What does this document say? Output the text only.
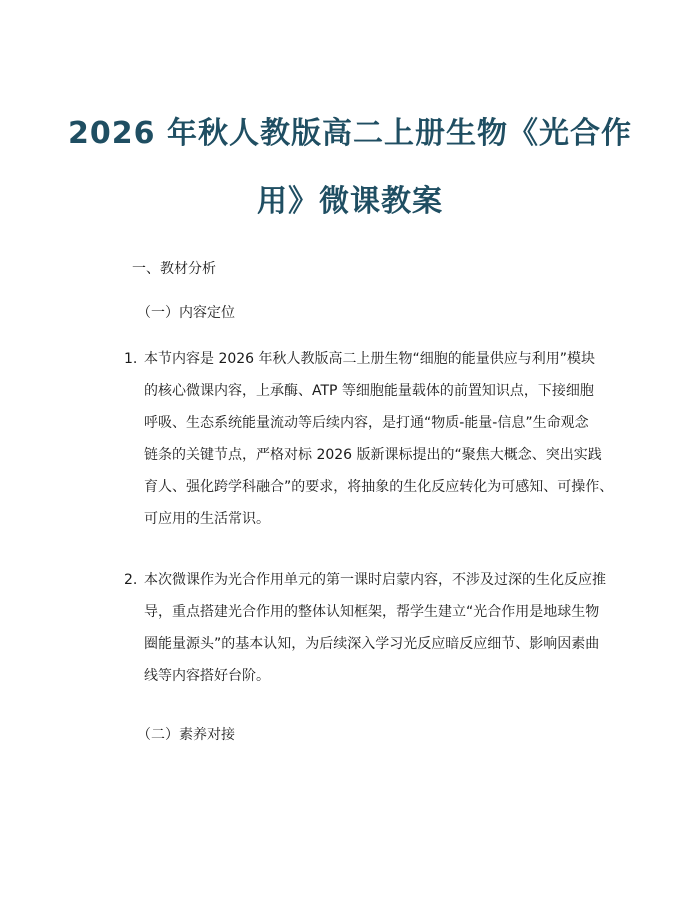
2026 年秋人教版高二上册生物《光合作
用》微课教案
一、教材分析
（一）内容定位
1. 本节内容是 2026 年秋人教版高二上册生物“细胞的能量供应与利用”模块
的核心微课内容，上承酶、ATP 等细胞能量载体的前置知识点，下接细胞
呼吸、生态系统能量流动等后续内容，是打通“物质-能量-信息”生命观念
链条的关键节点，严格对标 2026 版新课标提出的“聚焦大概念、突出实践
育人、强化跨学科融合”的要求，将抽象的生化反应转化为可感知、可操作、
可应用的生活常识。
2. 本次微课作为光合作用单元的第一课时启蒙内容，不涉及过深的生化反应推
导，重点搭建光合作用的整体认知框架，帮学生建立“光合作用是地球生物
圈能量源头”的基本认知，为后续深入学习光反应暗反应细节、影响因素曲
线等内容搭好台阶。
（二）素养对接
